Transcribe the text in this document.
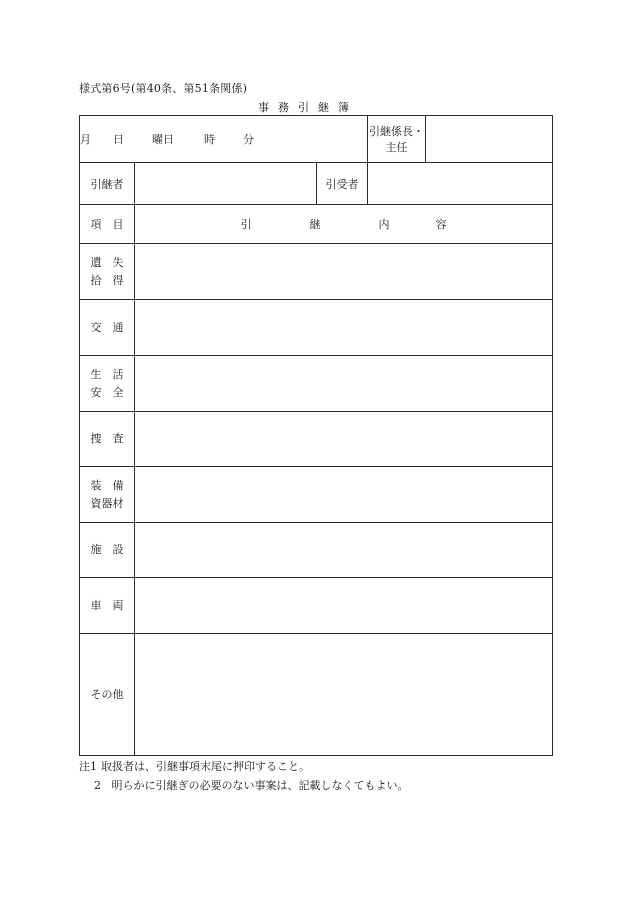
様式第6号(第40条、第51条関係)
事 務 引 継 簿
月 日 曜日 時 分			引継係長・主任	
引継者		引受者		
項　目	引 継 内 容			

遺　失
拾　得				

交　通				

生　活
安　全				

捜　査				

装　備
資器材				

施　設				

車　両				

その他				

注1 取扱者は、引継事項末尾に押印すること。
2 明らかに引継ぎの必要のない事案は、記載しなくてもよい。
